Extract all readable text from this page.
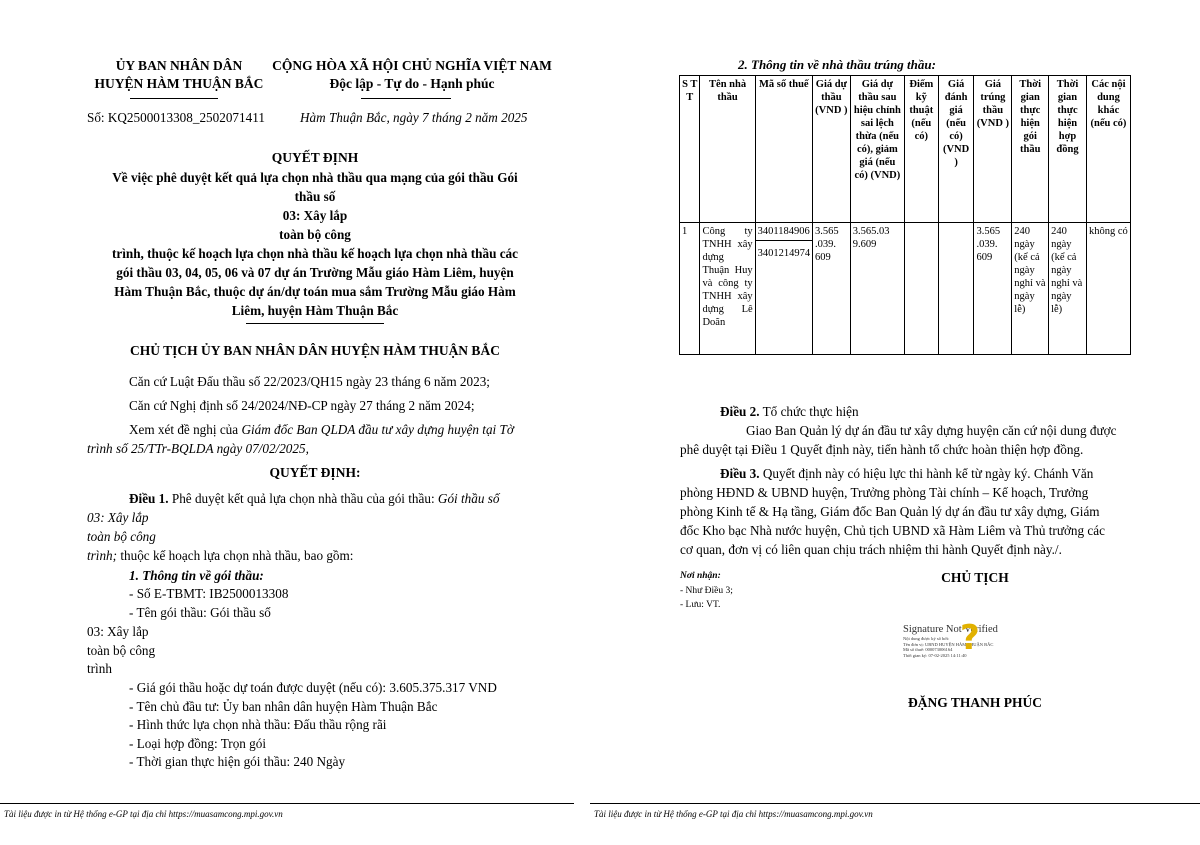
ỦY BAN NHÂN DÂN
HUYỆN HÀM THUẬN BẮC
CỘNG HÒA XÃ HỘI CHỦ NGHĨA VIỆT NAM
Độc lập - Tự do - Hạnh phúc
Số: KQ2500013308_2502071411	Hàm Thuận Bắc, ngày 7 tháng 2 năm 2025
QUYẾT ĐỊNH
Về việc phê duyệt kết quả lựa chọn nhà thầu qua mạng của gói thầu Gói
thầu số
03: Xây lắp
toàn bộ công
trình, thuộc kế hoạch lựa chọn nhà thầu kế hoạch lựa chọn nhà thầu các
gói thầu 03, 04, 05, 06 và 07 dự án Trường Mẫu giáo Hàm Liêm, huyện
Hàm Thuận Bắc, thuộc dự án/dự toán mua sắm Trường Mẫu giáo Hàm
Liêm, huyện Hàm Thuận Bắc
CHỦ TỊCH ỦY BAN NHÂN DÂN HUYỆN HÀM THUẬN BẮC
Căn cứ Luật Đấu thầu số 22/2023/QH15 ngày 23 tháng 6 năm 2023;
Căn cứ Nghị định số 24/2024/NĐ-CP ngày 27 tháng 2 năm 2024;
Xem xét đề nghị của Giám đốc Ban QLDA đầu tư xây dựng huyện tại Tờ
trình số 25/TTr-BQLDA ngày 07/02/2025,
QUYẾT ĐỊNH:
Điều 1. Phê duyệt kết quả lựa chọn nhà thầu của gói thầu: Gói thầu số
03: Xây lắp
toàn bộ công
trình; thuộc kế hoạch lựa chọn nhà thầu, bao gồm:
1. Thông tin về gói thầu:
- Số E-TBMT: IB2500013308
- Tên gói thầu: Gói thầu số
03: Xây lắp
toàn bộ công
trình
- Giá gói thầu hoặc dự toán được duyệt (nếu có): 3.605.375.317 VND
- Tên chủ đầu tư: Ủy ban nhân dân huyện Hàm Thuận Bắc
- Hình thức lựa chọn nhà thầu: Đấu thầu rộng rãi
- Loại hợp đồng: Trọn gói
- Thời gian thực hiện gói thầu: 240 Ngày
Tài liệu được in từ Hệ thống e-GP tại địa chỉ https://muasamcong.mpi.gov.vn
2. Thông tin về nhà thầu trúng thầu:
S T T	Tên nhà thầu	Mã số thuế	Giá dự thầu (VND )	Giá dự thầu sau hiệu chỉnh sai lệch thừa (nếu có), giảm giá (nếu có) (VND)	Điểm kỹ thuật (nếu có)	Giá đánh giá (nếu có) (VND )	Giá trúng thầu (VND )	Thời gian thực hiện gói thầu	Thời gian thực hiện hợp đồng	Các nội dung khác (nếu có)
1	Công ty TNHH xây dựng Thuận Huy và công ty TNHH xây dựng Lê Doãn	3401184906
3401214974	3.565 .039. 609	3.565.03 9.609			3.565 .039. 609	240 ngày (kể cả ngày nghỉ và ngày lễ)	240 ngày (kể cả ngày nghỉ và ngày lễ)	không có
Điều 2. Tổ chức thực hiện
Giao Ban Quản lý dự án đầu tư xây dựng huyện căn cứ nội dung được
phê duyệt tại Điều 1 Quyết định này, tiến hành tổ chức hoàn thiện hợp đồng.
Điều 3. Quyết định này có hiệu lực thi hành kể từ ngày ký. Chánh Văn
phòng HĐND & UBND huyện, Trưởng phòng Tài chính – Kế hoạch, Trưởng
phòng Kinh tế & Hạ tầng, Giám đốc Ban Quản lý dự án đầu tư xây dựng, Giám
đốc Kho bạc Nhà nước huyện, Chủ tịch UBND xã Hàm Liêm và Thủ trưởng các
cơ quan, đơn vị có liên quan chịu trách nhiệm thi hành Quyết định này./.
Nơi nhận:
- Như Điều 3;
- Lưu: VT.
CHỦ TỊCH
Signature Not Verified
Nội dung được ký số bởi:
Tên đơn vị: UBND HUYỆN HÀM THUẬN BẮC
Mã số thuế: 000073006164
Thời gian ký: 07-02-2025 14:11:40
?
ĐẶNG THANH PHÚC
Tài liệu được in từ Hệ thống e-GP tại địa chỉ https://muasamcong.mpi.gov.vn
